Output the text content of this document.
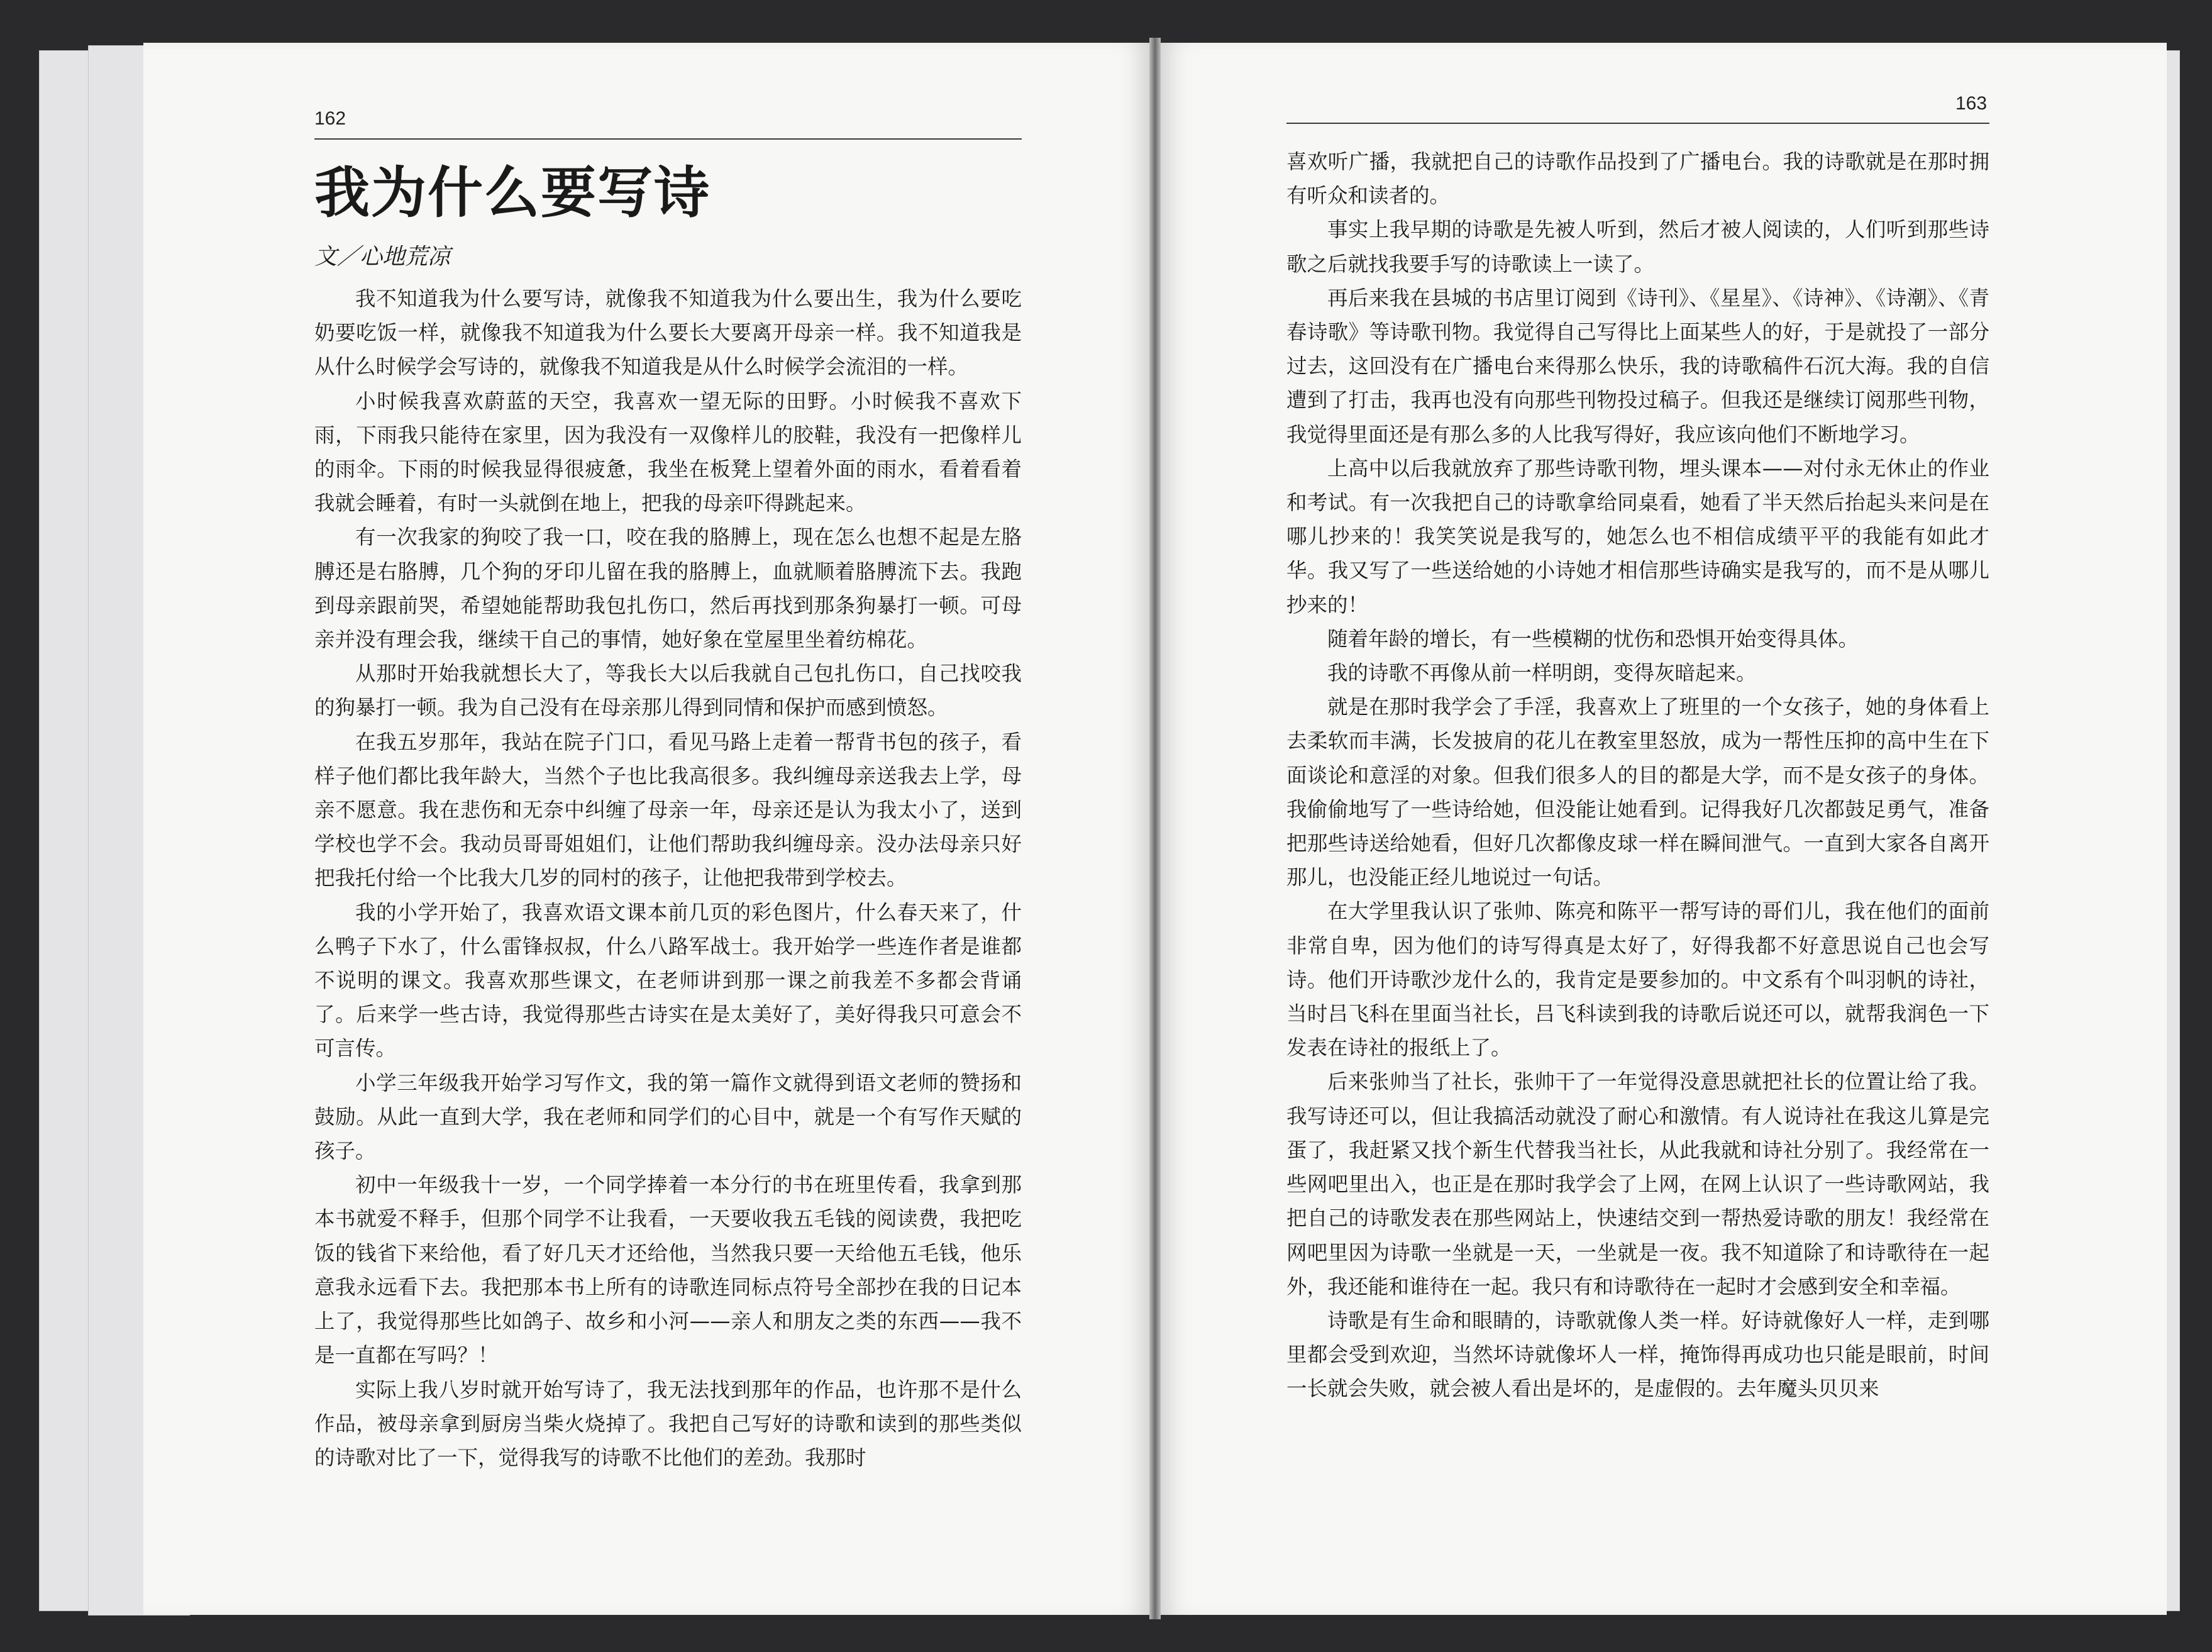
162
我为什么要写诗
文／心地荒凉

我不知道我为什么要写诗，就像我不知道我为什么要出生，我为什么要吃奶要吃饭一样，就像我不知道我为什么要长大要离开母亲一样。我不知道我是从什么时候学会写诗的，就像我不知道我是从什么时候学会流泪的一样。

小时候我喜欢蔚蓝的天空，我喜欢一望无际的田野。小时候我不喜欢下雨，下雨我只能待在家里，因为我没有一双像样儿的胶鞋，我没有一把像样儿的雨伞。下雨的时候我显得很疲惫，我坐在板凳上望着外面的雨水，看着看着我就会睡着，有时一头就倒在地上，把我的母亲吓得跳起来。

有一次我家的狗咬了我一口，咬在我的胳膊上，现在怎么也想不起是左胳膊还是右胳膊，几个狗的牙印儿留在我的胳膊上，血就顺着胳膊流下去。我跑到母亲跟前哭，希望她能帮助我包扎伤口，然后再找到那条狗暴打一顿。可母亲并没有理会我，继续干自己的事情，她好象在堂屋里坐着纺棉花。

从那时开始我就想长大了，等我长大以后我就自己包扎伤口，自己找咬我的狗暴打一顿。我为自己没有在母亲那儿得到同情和保护而感到愤怒。

在我五岁那年，我站在院子门口，看见马路上走着一帮背书包的孩子，看样子他们都比我年龄大，当然个子也比我高很多。我纠缠母亲送我去上学，母亲不愿意。我在悲伤和无奈中纠缠了母亲一年，母亲还是认为我太小了，送到学校也学不会。我动员哥哥姐姐们，让他们帮助我纠缠母亲。没办法母亲只好把我托付给一个比我大几岁的同村的孩子，让他把我带到学校去。

我的小学开始了，我喜欢语文课本前几页的彩色图片，什么春天来了，什么鸭子下水了，什么雷锋叔叔，什么八路军战士。我开始学一些连作者是谁都不说明的课文。我喜欢那些课文，在老师讲到那一课之前我差不多都会背诵了。后来学一些古诗，我觉得那些古诗实在是太美好了，美好得我只可意会不可言传。

小学三年级我开始学习写作文，我的第一篇作文就得到语文老师的赞扬和鼓励。从此一直到大学，我在老师和同学们的心目中，就是一个有写作天赋的孩子。

初中一年级我十一岁，一个同学捧着一本分行的书在班里传看，我拿到那本书就爱不释手，但那个同学不让我看，一天要收我五毛钱的阅读费，我把吃饭的钱省下来给他，看了好几天才还给他，当然我只要一天给他五毛钱，他乐意我永远看下去。我把那本书上所有的诗歌连同标点符号全部抄在我的日记本上了，我觉得那些比如鸽子、故乡和小河——亲人和朋友之类的东西——我不是一直都在写吗？！

实际上我八岁时就开始写诗了，我无法找到那年的作品，也许那不是什么作品，被母亲拿到厨房当柴火烧掉了。我把自己写好的诗歌和读到的那些类似的诗歌对比了一下，觉得我写的诗歌不比他们的差劲。我那时

163

喜欢听广播，我就把自己的诗歌作品投到了广播电台。我的诗歌就是在那时拥有听众和读者的。

事实上我早期的诗歌是先被人听到，然后才被人阅读的，人们听到那些诗歌之后就找我要手写的诗歌读上一读了。

再后来我在县城的书店里订阅到《诗刊》、《星星》、《诗神》、《诗潮》、《青春诗歌》等诗歌刊物。我觉得自己写得比上面某些人的好，于是就投了一部分过去，这回没有在广播电台来得那么快乐，我的诗歌稿件石沉大海。我的自信遭到了打击，我再也没有向那些刊物投过稿子。但我还是继续订阅那些刊物，我觉得里面还是有那么多的人比我写得好，我应该向他们不断地学习。

上高中以后我就放弃了那些诗歌刊物，埋头课本——对付永无休止的作业和考试。有一次我把自己的诗歌拿给同桌看，她看了半天然后抬起头来问是在哪儿抄来的！我笑笑说是我写的，她怎么也不相信成绩平平的我能有如此才华。我又写了一些送给她的小诗她才相信那些诗确实是我写的，而不是从哪儿抄来的！

随着年龄的增长，有一些模糊的忧伤和恐惧开始变得具体。

我的诗歌不再像从前一样明朗，变得灰暗起来。

就是在那时我学会了手淫，我喜欢上了班里的一个女孩子，她的身体看上去柔软而丰满，长发披肩的花儿在教室里怒放，成为一帮性压抑的高中生在下面谈论和意淫的对象。但我们很多人的目的都是大学，而不是女孩子的身体。我偷偷地写了一些诗给她，但没能让她看到。记得我好几次都鼓足勇气，准备把那些诗送给她看，但好几次都像皮球一样在瞬间泄气。一直到大家各自离开那儿，也没能正经儿地说过一句话。

在大学里我认识了张帅、陈亮和陈平一帮写诗的哥们儿，我在他们的面前非常自卑，因为他们的诗写得真是太好了，好得我都不好意思说自己也会写诗。他们开诗歌沙龙什么的，我肯定是要参加的。中文系有个叫羽帆的诗社，当时吕飞科在里面当社长，吕飞科读到我的诗歌后说还可以，就帮我润色一下发表在诗社的报纸上了。

后来张帅当了社长，张帅干了一年觉得没意思就把社长的位置让给了我。我写诗还可以，但让我搞活动就没了耐心和激情。有人说诗社在我这儿算是完蛋了，我赶紧又找个新生代替我当社长，从此我就和诗社分别了。我经常在一些网吧里出入，也正是在那时我学会了上网，在网上认识了一些诗歌网站，我把自己的诗歌发表在那些网站上，快速结交到一帮热爱诗歌的朋友！我经常在网吧里因为诗歌一坐就是一天，一坐就是一夜。我不知道除了和诗歌待在一起外，我还能和谁待在一起。我只有和诗歌待在一起时才会感到安全和幸福。

诗歌是有生命和眼睛的，诗歌就像人类一样。好诗就像好人一样，走到哪里都会受到欢迎，当然坏诗就像坏人一样，掩饰得再成功也只能是眼前，时间一长就会失败，就会被人看出是坏的，是虚假的。去年魔头贝贝来
